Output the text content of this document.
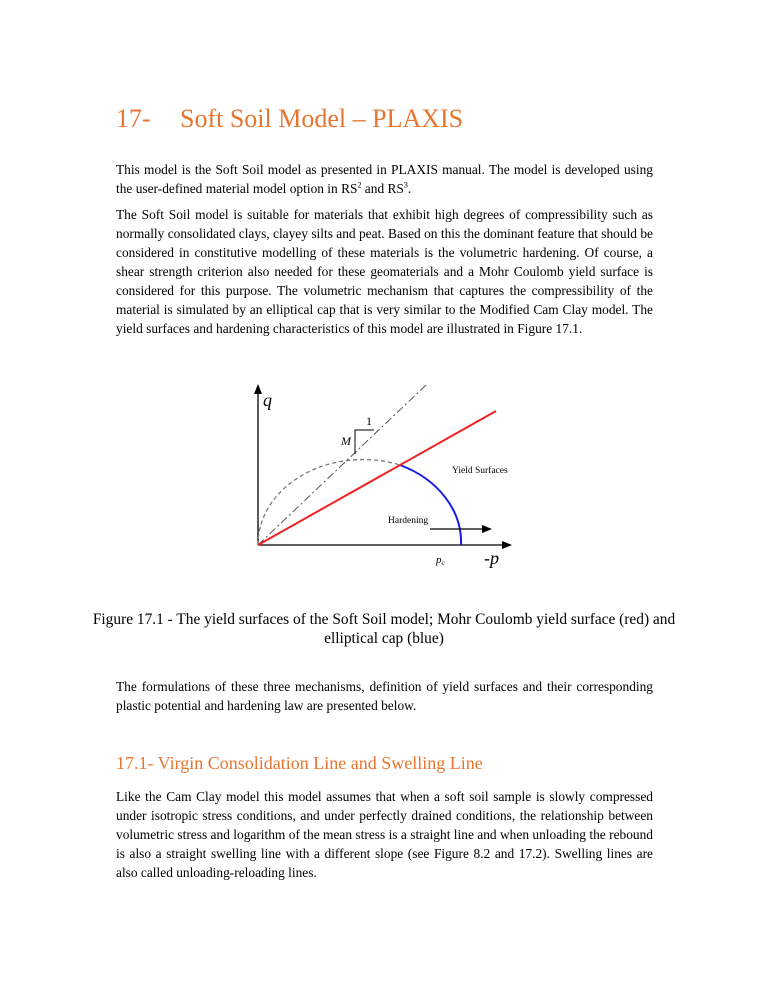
17- Soft Soil Model – PLAXIS

This model is the Soft Soil model as presented in PLAXIS manual. The model is developed using the user-defined material model option in $RS^2$ and $RS^3$.

The Soft Soil model is suitable for materials that exhibit high degrees of compressibility such as normally consolidated clays, clayey silts and peat. Based on this the dominant feature that should be considered in constitutive modelling of these materials is the volumetric hardening. Of course, a shear strength criterion also needed for these geomaterials and a Mohr Coulomb yield surface is considered for this purpose. The volumetric mechanism that captures the compressibility of the material is simulated by an elliptical cap that is very similar to the Modified Cam Clay model. The yield surfaces and hardening characteristics of this model are illustrated in Figure 17.1.

M
1
q
-p
Yield Surfaces
Hardening
pc
Figure 17.1 - The yield surfaces of the Soft Soil model; Mohr Coulomb yield surface (red) and elliptical cap (blue)

The formulations of these three mechanisms, definition of yield surfaces and their corresponding plastic potential and hardening law are presented below.

17.1- Virgin Consolidation Line and Swelling Line

Like the Cam Clay model this model assumes that when a soft soil sample is slowly compressed under isotropic stress conditions, and under perfectly drained conditions, the relationship between volumetric stress and logarithm of the mean stress is a straight line and when unloading the rebound is also a straight swelling line with a different slope (see Figure 8.2 and 17.2). Swelling lines are also called unloading-reloading lines.
